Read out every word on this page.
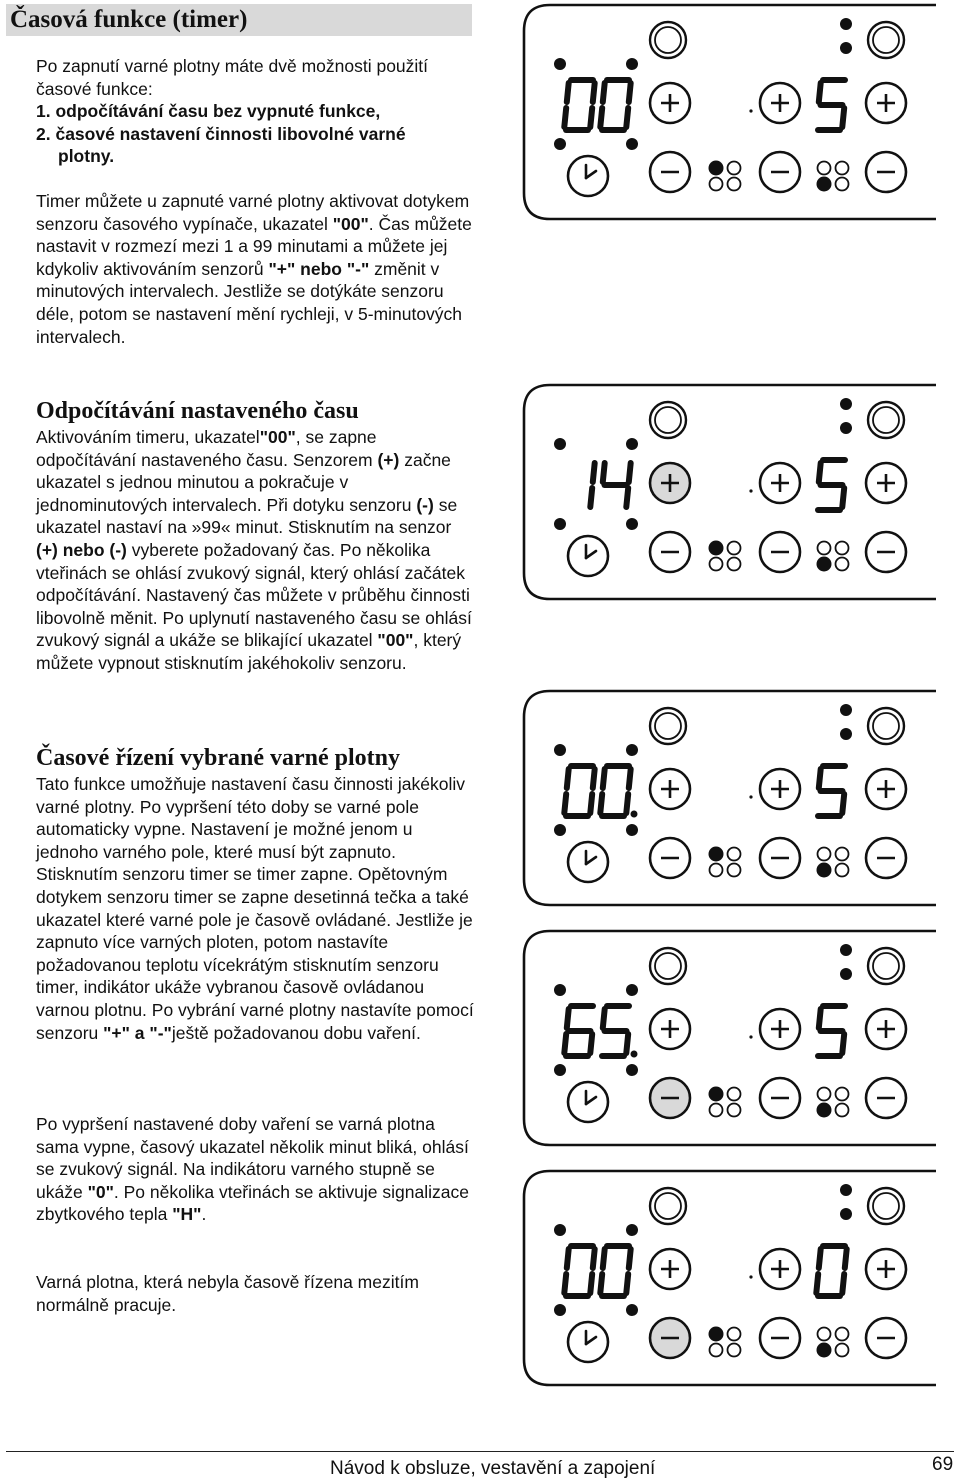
Časová funkce (timer)

Po zapnutí varné plotny máte dvě možnosti použití časové funkce:

1. odpočítávání času bez vypnuté funkce,

2. časové nastavení činnosti libovolné varné

plotny.

Timer můžete u zapnuté varné plotny aktivovat dotykem senzoru časového vypínače, ukazatel "00". Čas můžete nastavit v rozmezí mezi 1 a 99 minutami a můžete jej kdykoliv aktivováním senzorů "+" nebo "-" změnit v minutových intervalech. Jestliže se dotýkáte senzoru déle, potom se nastavení mění rychleji, v 5-minutových intervalech.

Odpočítávání nastaveného času

Aktivováním timeru, ukazatel"00", se zapne odpočítávání nastaveného času. Senzorem (+) začne ukazatel s jednou minutou a pokračuje v jednominutových intervalech. Při dotyku senzoru (-) se ukazatel nastaví na »99« minut. Stisknutím na senzor (+) nebo (-) vyberete požadovaný čas. Po několika vteřinách se ohlásí zvukový signál, který ohlásí začátek odpočítávání. Nastavený čas můžete v průběhu činnosti libovolně měnit. Po uplynutí nastaveného času se ohlásí zvukový signál a ukáže se blikající ukazatel "00", který můžete vypnout stisknutím jakéhokoliv senzoru.

Časové řízení vybrané varné plotny

Tato funkce umožňuje nastavení času činnosti jakékoliv varné plotny. Po vypršení této doby se varné pole automaticky vypne. Nastavení je možné jenom u jednoho varného pole, které musí být zapnuto. Stisknutím senzoru timer se timer zapne. Opětovným dotykem senzoru timer se zapne desetinná tečka a také ukazatel které varné pole je časově ovládané. Jestliže je zapnuto více varných ploten, potom nastavíte požadovanou teplotu vícekrátým stisknutím senzoru timer, indikátor ukáže vybranou časově ovládanou varnou plotnu. Po vybrání varné plotny nastavíte pomocí senzoru "+" a "-"ještě požadovanou dobu vaření.

Po vypršení nastavené doby vaření se varná plotna sama vypne, časový ukazatel několik minut bliká, ohlásí se zvukový signál. Na indikátoru varného stupně se ukáže "0". Po několika vteřinách se aktivuje signalizace zbytkového tepla "H".

Varná plotna, která nebyla časově řízena mezitím normálně pracuje.

Návod k obsluze, vestavění a zapojení	69
